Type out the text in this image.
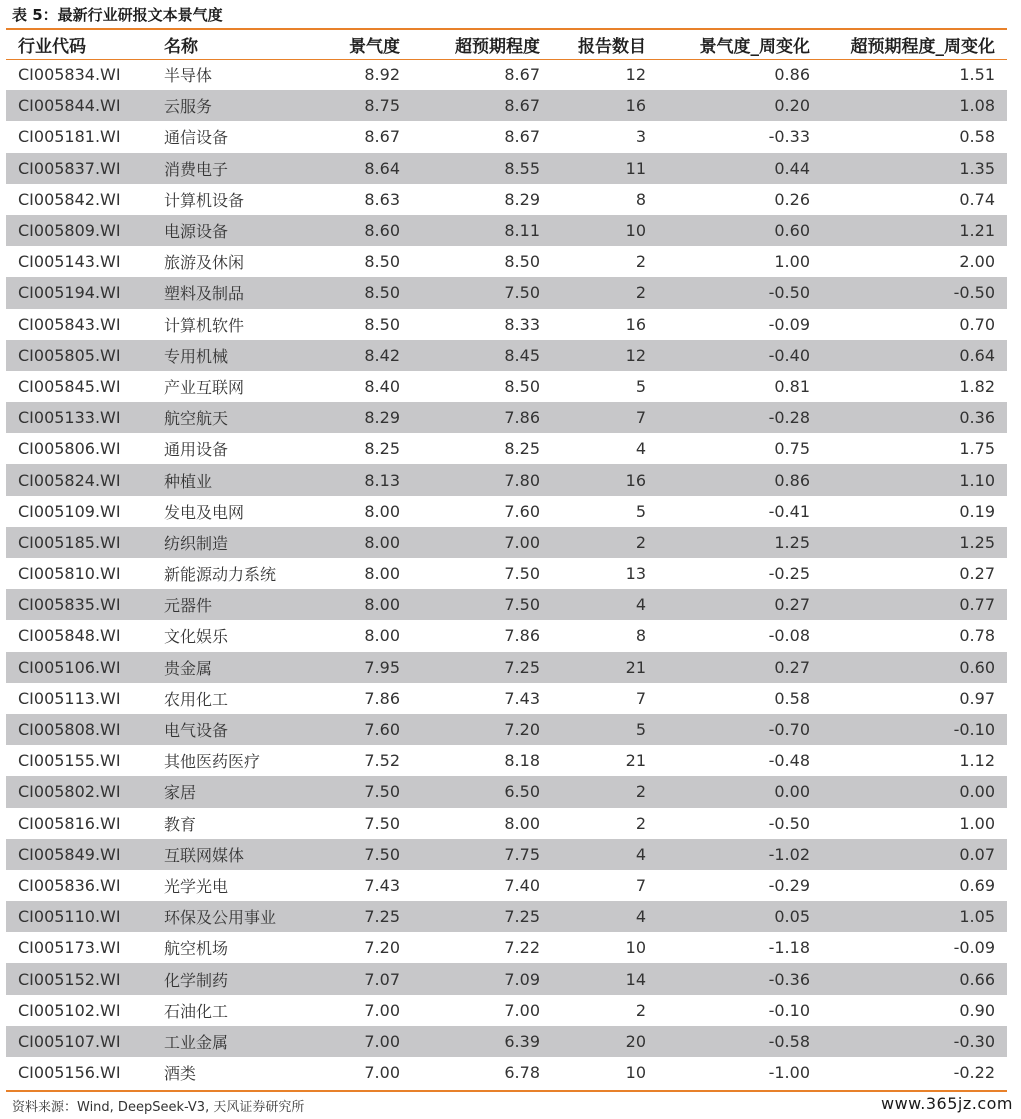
表 5：最新行业研报文本景气度
行业代码	名称	景气度	超预期程度	报告数目	景气度_周变化	超预期程度_周变化
CI005834.WI	半导体	8.92	8.67	12	0.86	1.51
CI005844.WI	云服务	8.75	8.67	16	0.20	1.08
CI005181.WI	通信设备	8.67	8.67	3	-0.33	0.58
CI005837.WI	消费电子	8.64	8.55	11	0.44	1.35
CI005842.WI	计算机设备	8.63	8.29	8	0.26	0.74
CI005809.WI	电源设备	8.60	8.11	10	0.60	1.21
CI005143.WI	旅游及休闲	8.50	8.50	2	1.00	2.00
CI005194.WI	塑料及制品	8.50	7.50	2	-0.50	-0.50
CI005843.WI	计算机软件	8.50	8.33	16	-0.09	0.70
CI005805.WI	专用机械	8.42	8.45	12	-0.40	0.64
CI005845.WI	产业互联网	8.40	8.50	5	0.81	1.82
CI005133.WI	航空航天	8.29	7.86	7	-0.28	0.36
CI005806.WI	通用设备	8.25	8.25	4	0.75	1.75
CI005824.WI	种植业	8.13	7.80	16	0.86	1.10
CI005109.WI	发电及电网	8.00	7.60	5	-0.41	0.19
CI005185.WI	纺织制造	8.00	7.00	2	1.25	1.25
CI005810.WI	新能源动力系统	8.00	7.50	13	-0.25	0.27
CI005835.WI	元器件	8.00	7.50	4	0.27	0.77
CI005848.WI	文化娱乐	8.00	7.86	8	-0.08	0.78
CI005106.WI	贵金属	7.95	7.25	21	0.27	0.60
CI005113.WI	农用化工	7.86	7.43	7	0.58	0.97
CI005808.WI	电气设备	7.60	7.20	5	-0.70	-0.10
CI005155.WI	其他医药医疗	7.52	8.18	21	-0.48	1.12
CI005802.WI	家居	7.50	6.50	2	0.00	0.00
CI005816.WI	教育	7.50	8.00	2	-0.50	1.00
CI005849.WI	互联网媒体	7.50	7.75	4	-1.02	0.07
CI005836.WI	光学光电	7.43	7.40	7	-0.29	0.69
CI005110.WI	环保及公用事业	7.25	7.25	4	0.05	1.05
CI005173.WI	航空机场	7.20	7.22	10	-1.18	-0.09
CI005152.WI	化学制药	7.07	7.09	14	-0.36	0.66
CI005102.WI	石油化工	7.00	7.00	2	-0.10	0.90
CI005107.WI	工业金属	7.00	6.39	20	-0.58	-0.30
CI005156.WI	酒类	7.00	6.78	10	-1.00	-0.22
资料来源：Wind, DeepSeek-V3, 天风证券研究所	www.365jz.com
